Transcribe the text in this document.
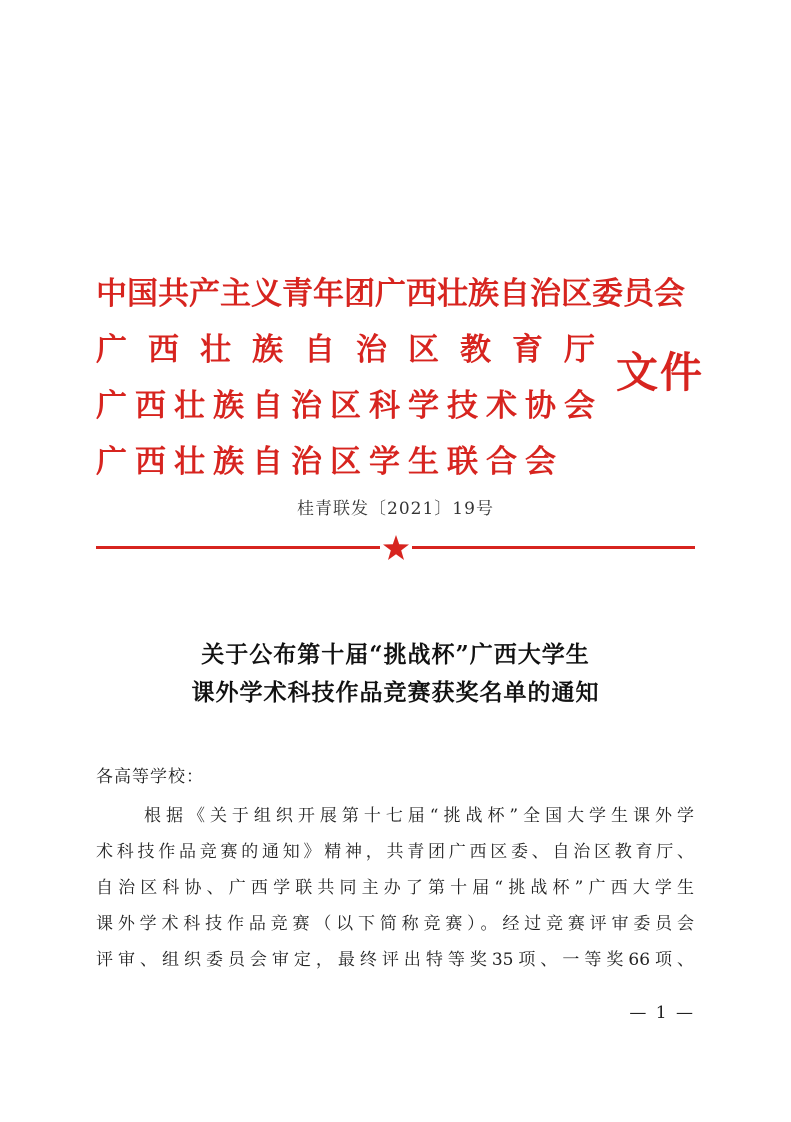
中国共产主义青年团广西壮族自治区委员会
广西壮族自治区教育厅
广西壮族自治区科学技术协会
广西壮族自治区学生联合会
文件
桂青联发〔2021〕19号
关于公布第十届“挑战杯”广西大学生
课外学术科技作品竞赛获奖名单的通知
各高等学校：
根据《关于组织开展第十七届“挑战杯”全国大学生课外学
术科技作品竞赛的通知》精神，共青团广西区委、自治区教育厅、
自治区科协、广西学联共同主办了第十届“挑战杯”广西大学生
课外学术科技作品竞赛（以下简称竞赛）。经过竞赛评审委员会
评审、组织委员会审定，最终评出特等奖35项、一等奖66项、
— 1 —
